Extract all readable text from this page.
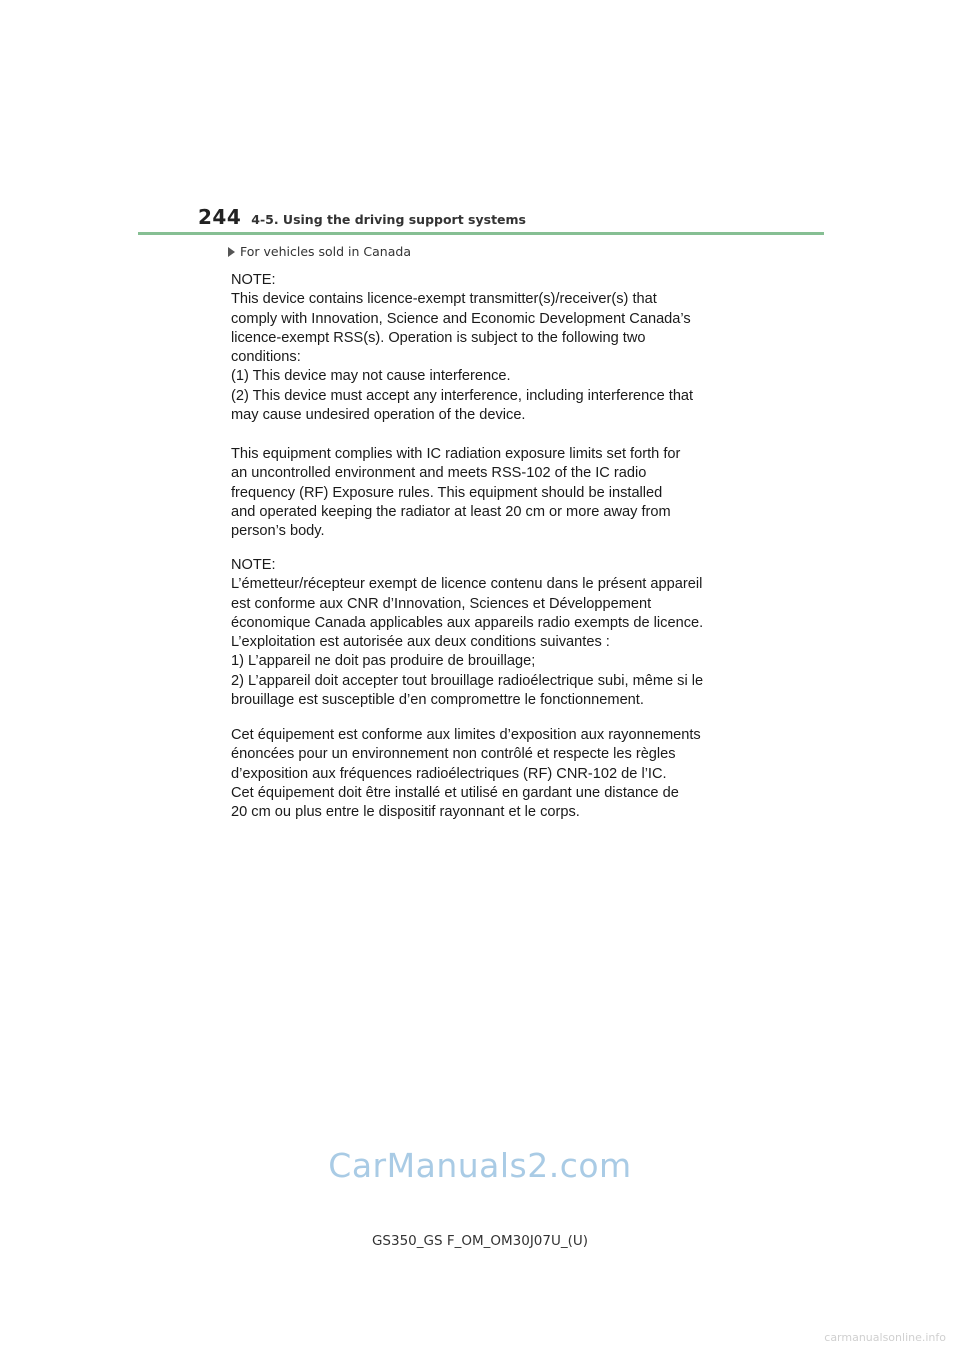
244 4-5. Using the driving support systems
For vehicles sold in Canada
NOTE:
This device contains licence-exempt transmitter(s)/receiver(s) that
comply with Innovation, Science and Economic Development Canada’s
licence-exempt RSS(s). Operation is subject to the following two
conditions:
(1) This device may not cause interference.
(2) This device must accept any interference, including interference that
may cause undesired operation of the device.
This equipment complies with IC radiation exposure limits set forth for
an uncontrolled environment and meets RSS-102 of the IC radio
frequency (RF) Exposure rules. This equipment should be installed
and operated keeping the radiator at least 20 cm or more away from
person’s body.
NOTE:
L’émetteur/récepteur exempt de licence contenu dans le présent appareil
est conforme aux CNR d’Innovation, Sciences et Développement
économique Canada applicables aux appareils radio exempts de licence.
L’exploitation est autorisée aux deux conditions suivantes :
1) L’appareil ne doit pas produire de brouillage;
2) L’appareil doit accepter tout brouillage radioélectrique subi, même si le
brouillage est susceptible d’en compromettre le fonctionnement.
Cet équipement est conforme aux limites d’exposition aux rayonnements
énoncées pour un environnement non contrôlé et respecte les règles
d’exposition aux fréquences radioélectriques (RF) CNR-102 de l’IC.
Cet équipement doit être installé et utilisé en gardant une distance de
20 cm ou plus entre le dispositif rayonnant et le corps.
CarManuals2.com
GS350_GS F_OM_OM30J07U_(U)
carmanualsonline.info
